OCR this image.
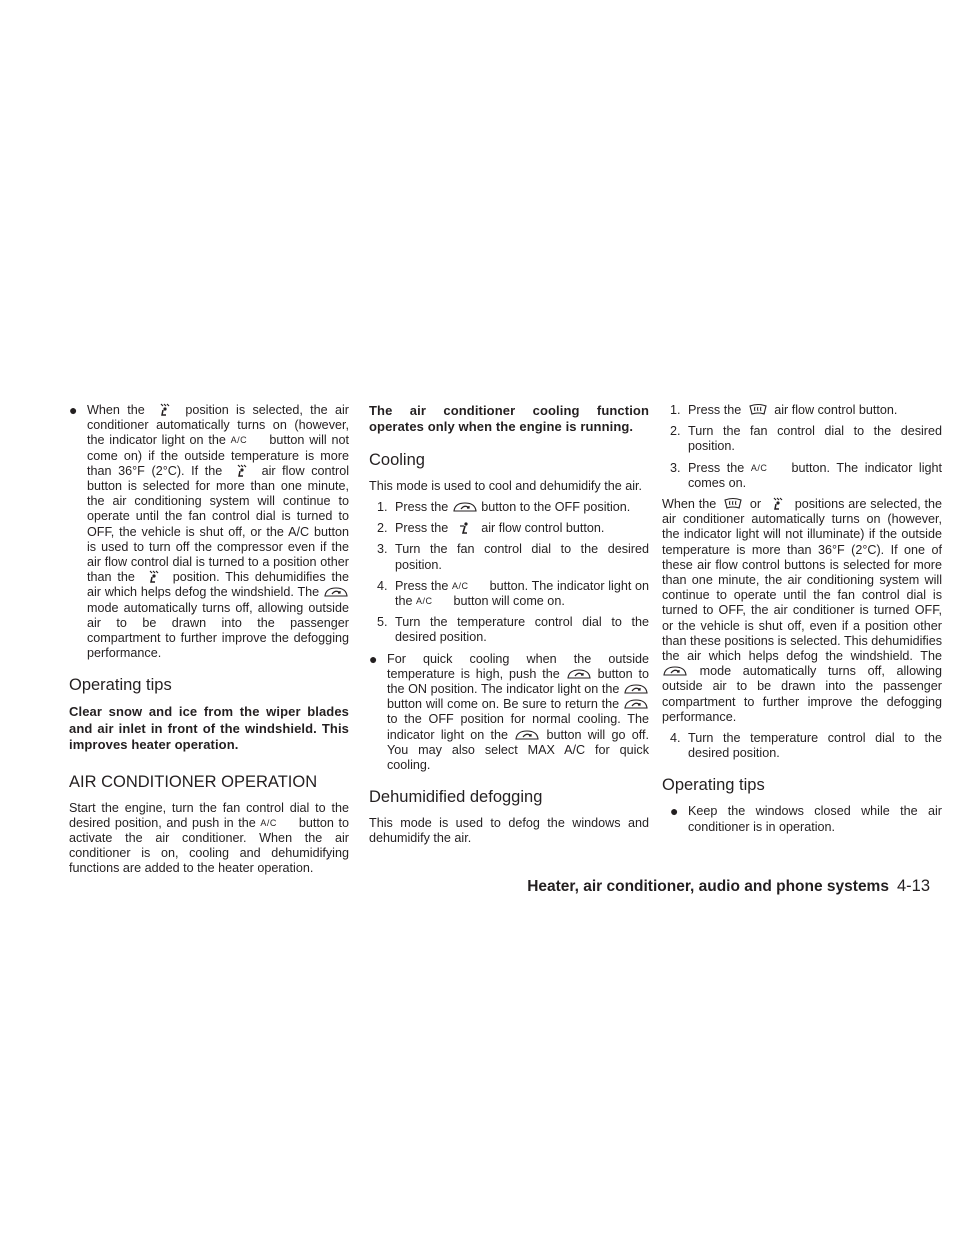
● When the	position is selected, the air conditioner automatically turns on (however, the indicator light on the A/C button will not come on) if the outside temperature is more than 36°F (2°C). If the	air flow control button is selected for more than one minute, the air conditioning system will continue to operate until the fan control dial is turned to OFF, the vehicle is shut off, or the A/C button is used to turn off the compressor even if the air flow control dial is turned to a position other than the	position. This dehumidifies the air which helps defog the windshield. The
mode automatically turns off, allowing outside air to be drawn into the passenger compartment to further improve the defogging performance.
Operating tips

Clear snow and ice from the wiper blades and air inlet in front of the windshield. This improves heater operation.

AIR CONDITIONER OPERATION

Start the engine, turn the fan control dial to the desired position, and push in the A/C button to activate the air conditioner. When the air conditioner is on, cooling and dehumidifying functions are added to the heater operation.

The air conditioner cooling function operates only when the engine is running.

Cooling

This mode is used to cool and dehumidify the air.

1. Press the	button to the OFF position.
2. Press the	air flow control button.
3. Turn the fan control dial to the desired position.
4. Press the A/C button. The indicator light on the A/C button will come on.
5. Turn the temperature control dial to the desired position.
● For quick cooling when the outside temperature is high, push the	button to the ON position. The indicator light on the
button will come on. Be sure to return the
to the OFF position for normal cooling. The indicator light on the	button will go off. You may also select MAX A/C for quick cooling.
Dehumidified defogging

This mode is used to defog the windows and dehumidify the air.

1. Press the	air flow control button.
2. Turn the fan control dial to the desired position.
3. Press the A/C button. The indicator light comes on.

When the	or	positions are selected, the air conditioner automatically turns on (however, the indicator light will not illuminate) if the outside temperature is more than 36°F (2°C). If one of these air flow control buttons is selected for more than one minute, the air conditioning system will continue to operate until the fan control dial is turned to OFF, the air conditioner is turned OFF, or the vehicle is shut off, even if a position other than these positions is selected. This dehumidifies the air which helps defog the windshield. The
mode automatically turns off, allowing outside air to be drawn into the passenger compartment to further improve the defogging performance.

4. Turn the temperature control dial to the desired position.
Operating tips
● Keep the windows closed while the air conditioner is in operation.
Heater, air conditioner, audio and phone systems 4-13
